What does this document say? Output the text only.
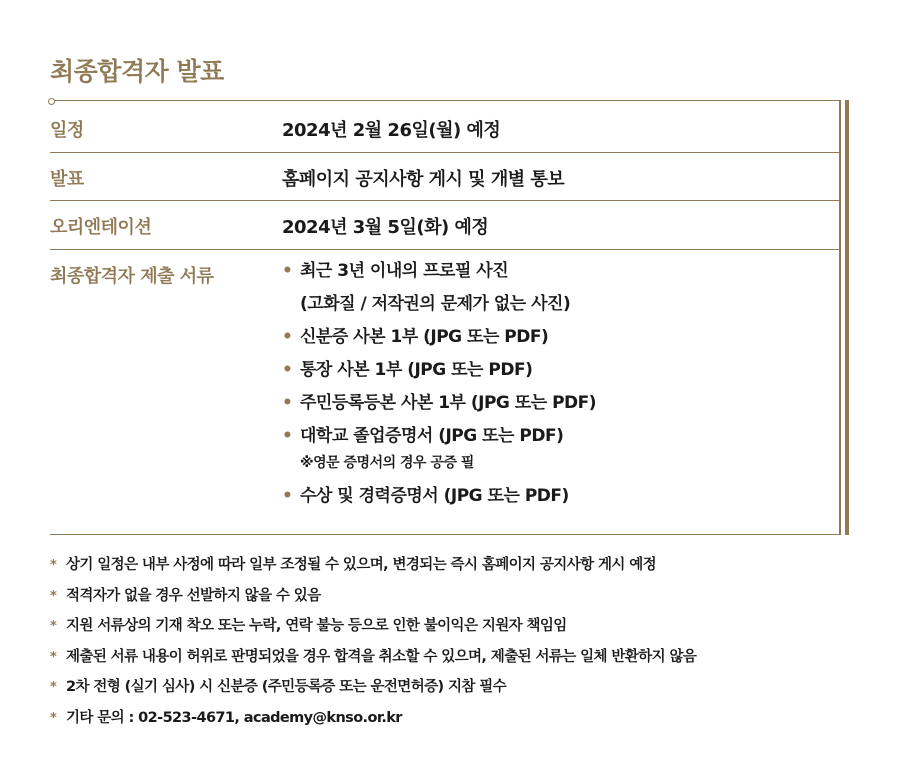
최종합격자 발표
일정	2024년 2월 26일(월) 예정
발표	홈페이지 공지사항 게시 및 개별 통보
오리엔테이션	2024년 3월 5일(화) 예정
최종합격자 제출 서류	• 최근 3년 이내의 프로필 사진
(고화질 / 저작권의 문제가 없는 사진)
• 신분증 사본 1부 (JPG 또는 PDF)
• 통장 사본 1부 (JPG 또는 PDF)
• 주민등록등본 사본 1부 (JPG 또는 PDF)
• 대학교 졸업증명서 (JPG 또는 PDF)
※영문 증명서의 경우 공증 필
• 수상 및 경력증명서 (JPG 또는 PDF)
* 상기 일정은 내부 사정에 따라 일부 조정될 수 있으며, 변경되는 즉시 홈페이지 공지사항 게시 예정
* 적격자가 없을 경우 선발하지 않을 수 있음
* 지원 서류상의 기재 착오 또는 누락, 연락 불능 등으로 인한 불이익은 지원자 책임임
* 제출된 서류 내용이 허위로 판명되었을 경우 합격을 취소할 수 있으며, 제출된 서류는 일체 반환하지 않음
* 2차 전형 (실기 심사) 시 신분증 (주민등록증 또는 운전면허증) 지참 필수
* 기타 문의 : 02-523-4671, academy@knso.or.kr
